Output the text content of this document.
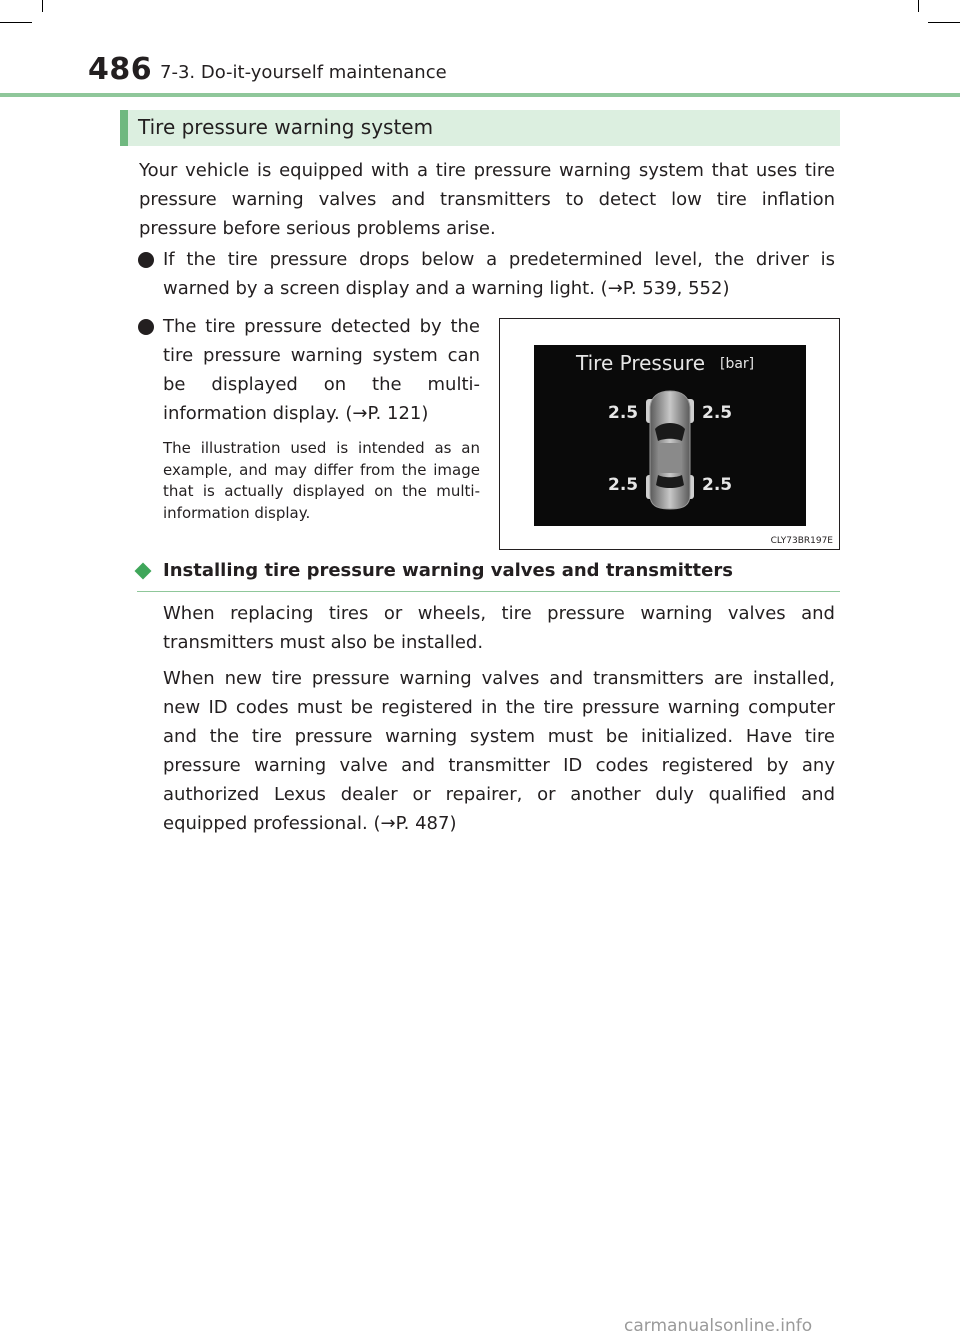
486 7-3. Do-it-yourself maintenance
Tire pressure warning system
Your vehicle is equipped with a tire pressure warning system that uses tire pressure warning valves and transmitters to detect low tire inflation pressure before serious problems arise.
If the tire pressure drops below a predetermined level, the driver is warned by a screen display and a warning light. (→P. 539, 552)
The tire pressure detected by the tire pressure warning system can be displayed on the multi-information display. (→P. 121)
The illustration used is intended as an example, and may differ from the image that is actually displayed on the multi-information display.
Tire Pressure [bar]
2.5	2.5
2.5	2.5
CLY73BR197E
Installing tire pressure warning valves and transmitters
When replacing tires or wheels, tire pressure warning valves and transmitters must also be installed.
When new tire pressure warning valves and transmitters are installed, new ID codes must be registered in the tire pressure warning computer and the tire pressure warning system must be initialized. Have tire pressure warning valve and transmitter ID codes registered by any authorized Lexus dealer or repairer, or another duly qualified and equipped professional. (→P. 487)
carmanualsonline.info
